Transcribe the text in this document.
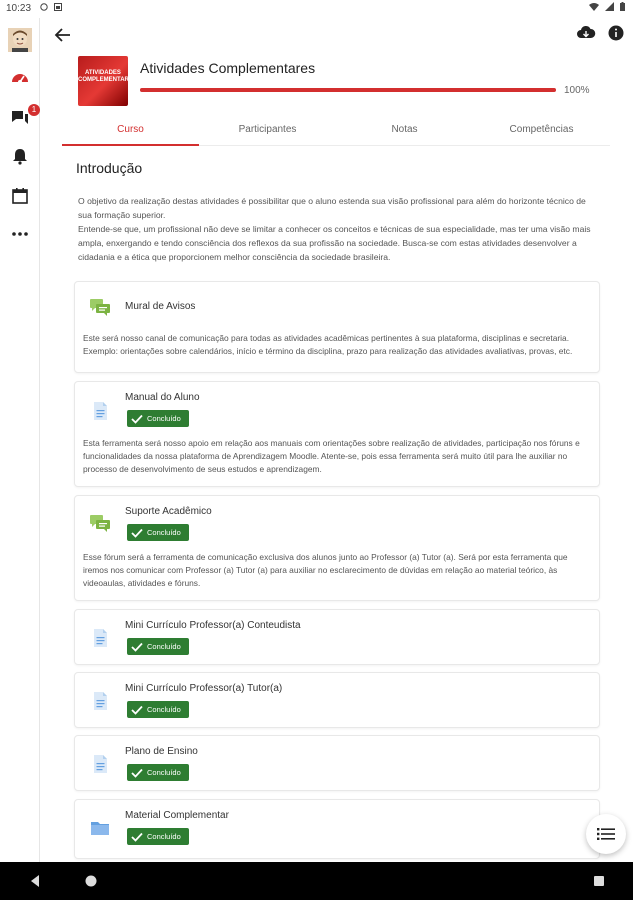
10:23

1
ATIVIDADES COMPLEMENTARES
Atividades Complementares
100%
Curso	Participantes	Notas	Competências
Introdução
O objetivo da realização destas atividades é possibilitar que o aluno estenda sua visão profissional para além do horizonte técnico de sua formação superior.
Entende-se que, um profissional não deve se limitar a conhecer os conceitos e técnicas de sua especialidade, mas ter uma visão mais ampla, enxergando e tendo consciência dos reflexos da sua profissão na sociedade. Busca-se com estas atividades desenvolver a cidadania e a ética que proporcionem melhor consciência da sociedade brasileira.
Mural de Avisos
Este será nosso canal de comunicação para todas as atividades acadêmicas pertinentes à sua plataforma, disciplinas e secretaria. Exemplo: orientações sobre calendários, início e término da disciplina, prazo para realização das atividades avaliativas, provas, etc.
Manual do Aluno
Concluído
Esta ferramenta será nosso apoio em relação aos manuais com orientações sobre realização de atividades, participação nos fóruns e funcionalidades da nossa plataforma de Aprendizagem Moodle. Atente-se, pois essa ferramenta será muito útil para lhe auxiliar no processo de desenvolvimento de seus estudos e aprendizagem.
Suporte Acadêmico
Concluído
Esse fórum será a ferramenta de comunicação exclusiva dos alunos junto ao Professor (a) Tutor (a). Será por esta ferramenta que iremos nos comunicar com Professor (a) Tutor (a) para auxiliar no esclarecimento de dúvidas em relação ao material teórico, às videoaulas, atividades e fóruns.
Mini Currículo Professor(a) Conteudista
Concluído
Mini Currículo Professor(a) Tutor(a)
Concluído
Plano de Ensino
Concluído
Material Complementar
Concluído
